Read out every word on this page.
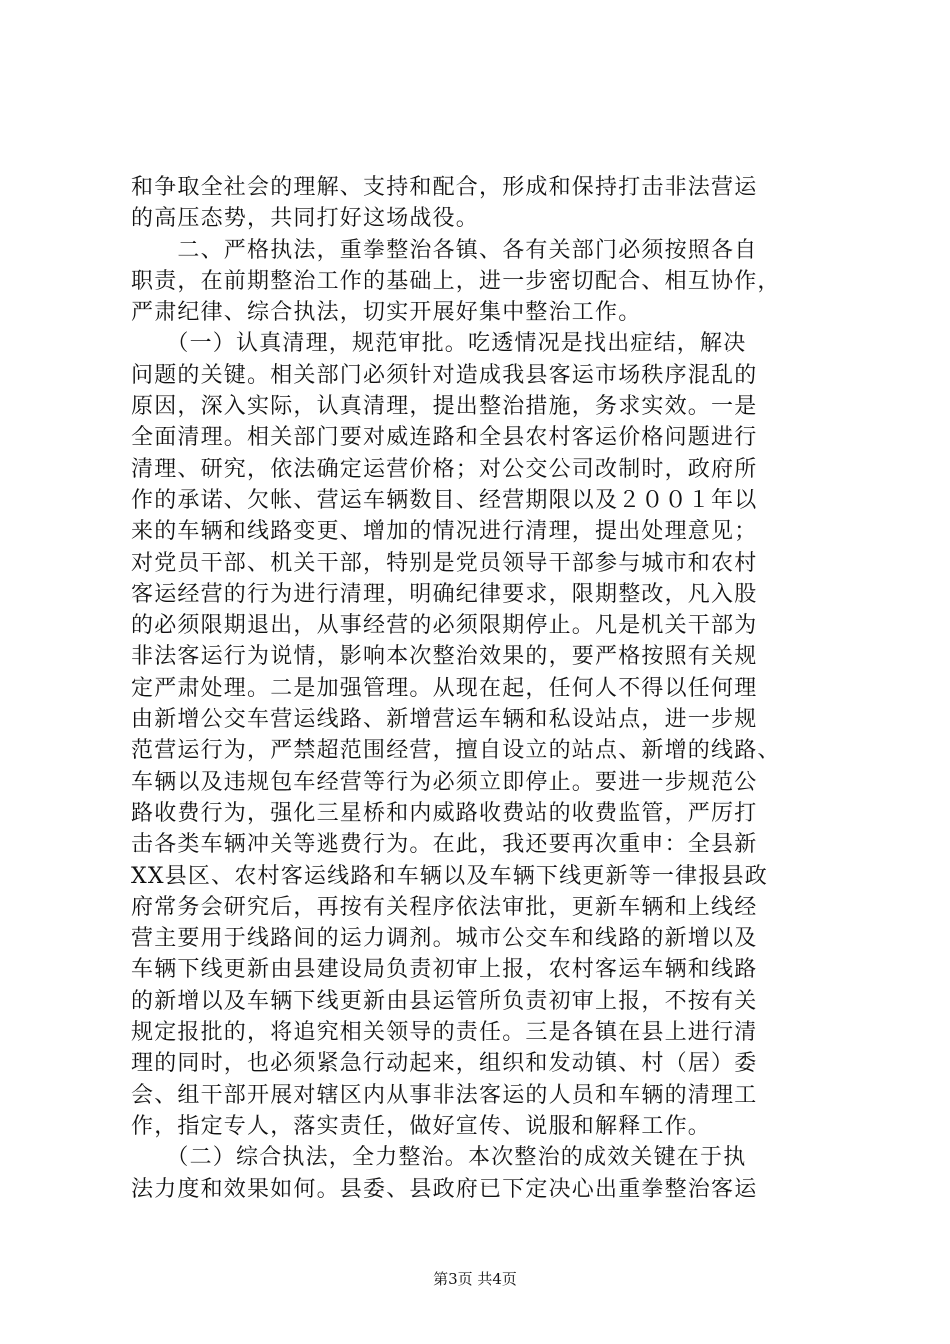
和争取全社会的理解、支持和配合，形成和保持打击非法营运
的高压态势，共同打好这场战役。
　　二、严格执法，重拳整治各镇、各有关部门必须按照各自
职责，在前期整治工作的基础上，进一步密切配合、相互协作，
严肃纪律、综合执法，切实开展好集中整治工作。
　　（一）认真清理，规范审批。吃透情况是找出症结，解决
问题的关键。相关部门必须针对造成我县客运市场秩序混乱的
原因，深入实际，认真清理，提出整治措施，务求实效。一是
全面清理。相关部门要对威连路和全县农村客运价格问题进行
清理、研究，依法确定运营价格；对公交公司改制时，政府所
作的承诺、欠帐、营运车辆数目、经营期限以及２００１年以
来的车辆和线路变更、增加的情况进行清理，提出处理意见；
对党员干部、机关干部，特别是党员领导干部参与城市和农村
客运经营的行为进行清理，明确纪律要求，限期整改，凡入股
的必须限期退出，从事经营的必须限期停止。凡是机关干部为
非法客运行为说情，影响本次整治效果的，要严格按照有关规
定严肃处理。二是加强管理。从现在起，任何人不得以任何理
由新增公交车营运线路、新增营运车辆和私设站点，进一步规
范营运行为，严禁超范围经营，擅自设立的站点、新增的线路、
车辆以及违规包车经营等行为必须立即停止。要进一步规范公
路收费行为，强化三星桥和内威路收费站的收费监管，严厉打
击各类车辆冲关等逃费行为。在此，我还要再次重申：全县新
XX县区、农村客运线路和车辆以及车辆下线更新等一律报县政
府常务会研究后，再按有关程序依法审批，更新车辆和上线经
营主要用于线路间的运力调剂。城市公交车和线路的新增以及
车辆下线更新由县建设局负责初审上报，农村客运车辆和线路
的新增以及车辆下线更新由县运管所负责初审上报，不按有关
规定报批的，将追究相关领导的责任。三是各镇在县上进行清
理的同时，也必须紧急行动起来，组织和发动镇、村（居）委
会、组干部开展对辖区内从事非法客运的人员和车辆的清理工
作，指定专人，落实责任，做好宣传、说服和解释工作。
　　（二）综合执法，全力整治。本次整治的成效关键在于执
法力度和效果如何。县委、县政府已下定决心出重拳整治客运
第3页 共4页
